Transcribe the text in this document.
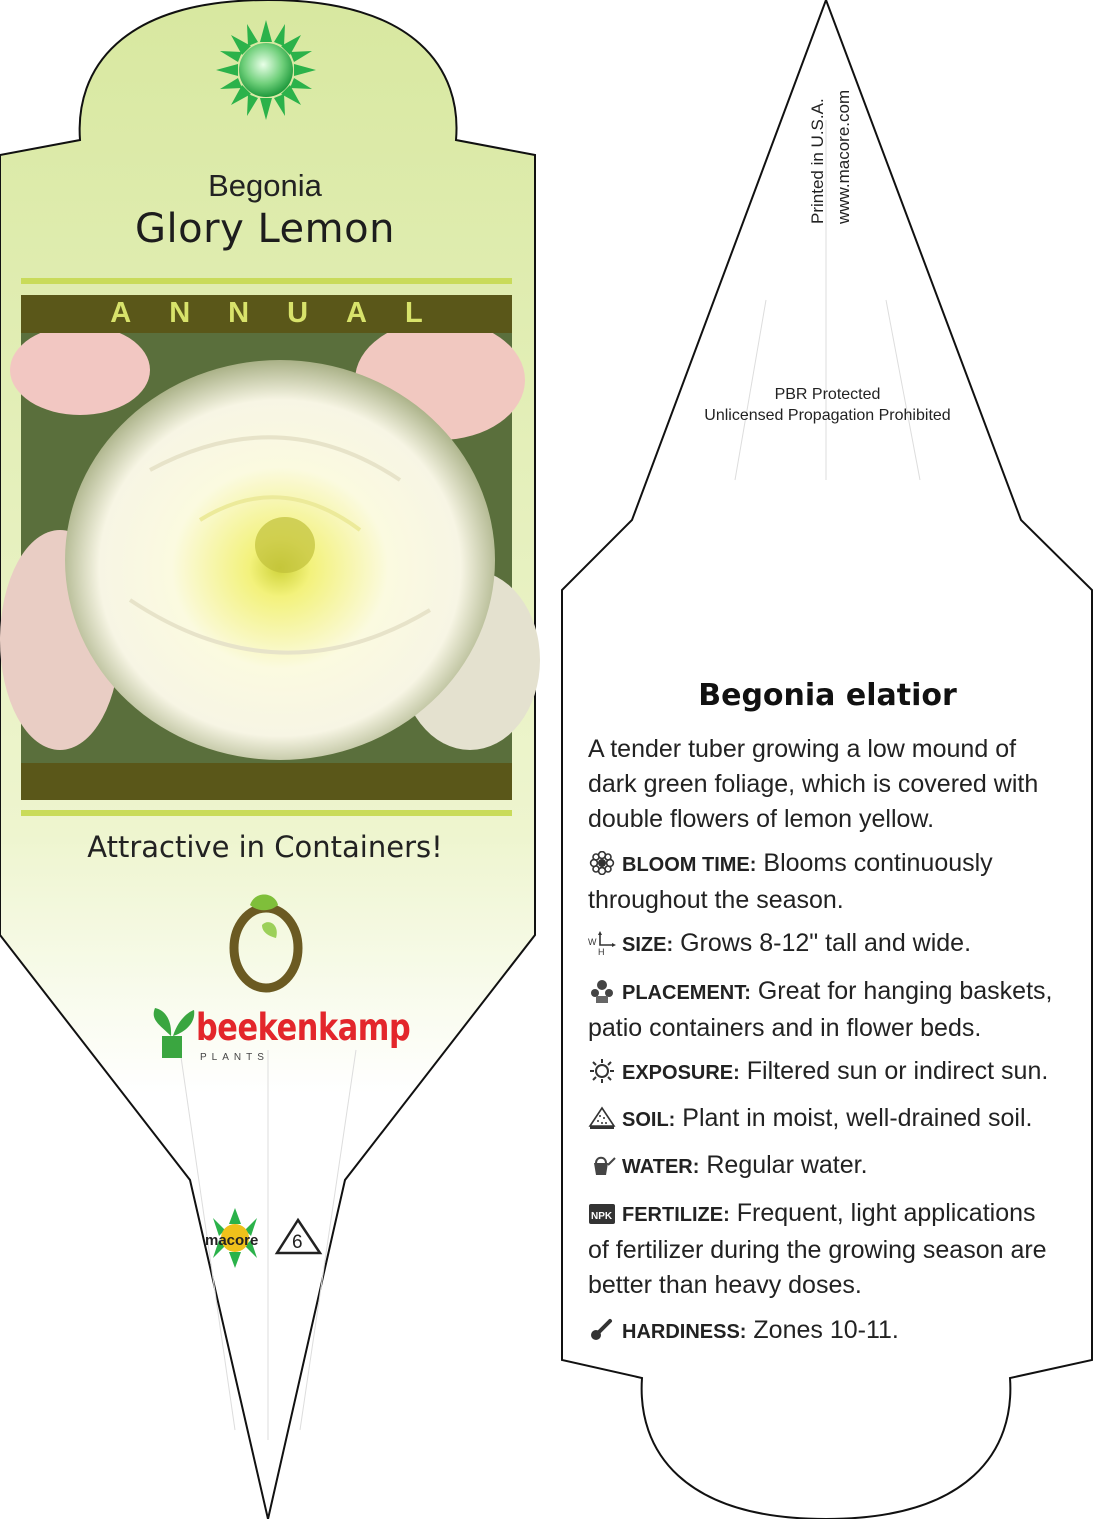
Begonia
Glory Lemon
ANNUAL
Attractive in Containers!
beekenkamp
PLANTS
macore 6
Printed in U.S.A. www.macore.com
PBR Protected
Unlicensed Propagation Prohibited
Begonia elatior
A tender tuber growing a low mound of dark green foliage, which is covered with double flowers of lemon yellow.
BLOOM TIME: Blooms continuously throughout the season.
W
H SIZE: Grows 8-12" tall and wide.
PLACEMENT: Great for hanging baskets, patio containers and in flower beds.
EXPOSURE: Filtered sun or indirect sun.
SOIL: Plant in moist, well-drained soil.
WATER: Regular water.
NPK FERTILIZE: Frequent, light applications of fertilizer during the growing season are better than heavy doses.
HARDINESS: Zones 10-11.
